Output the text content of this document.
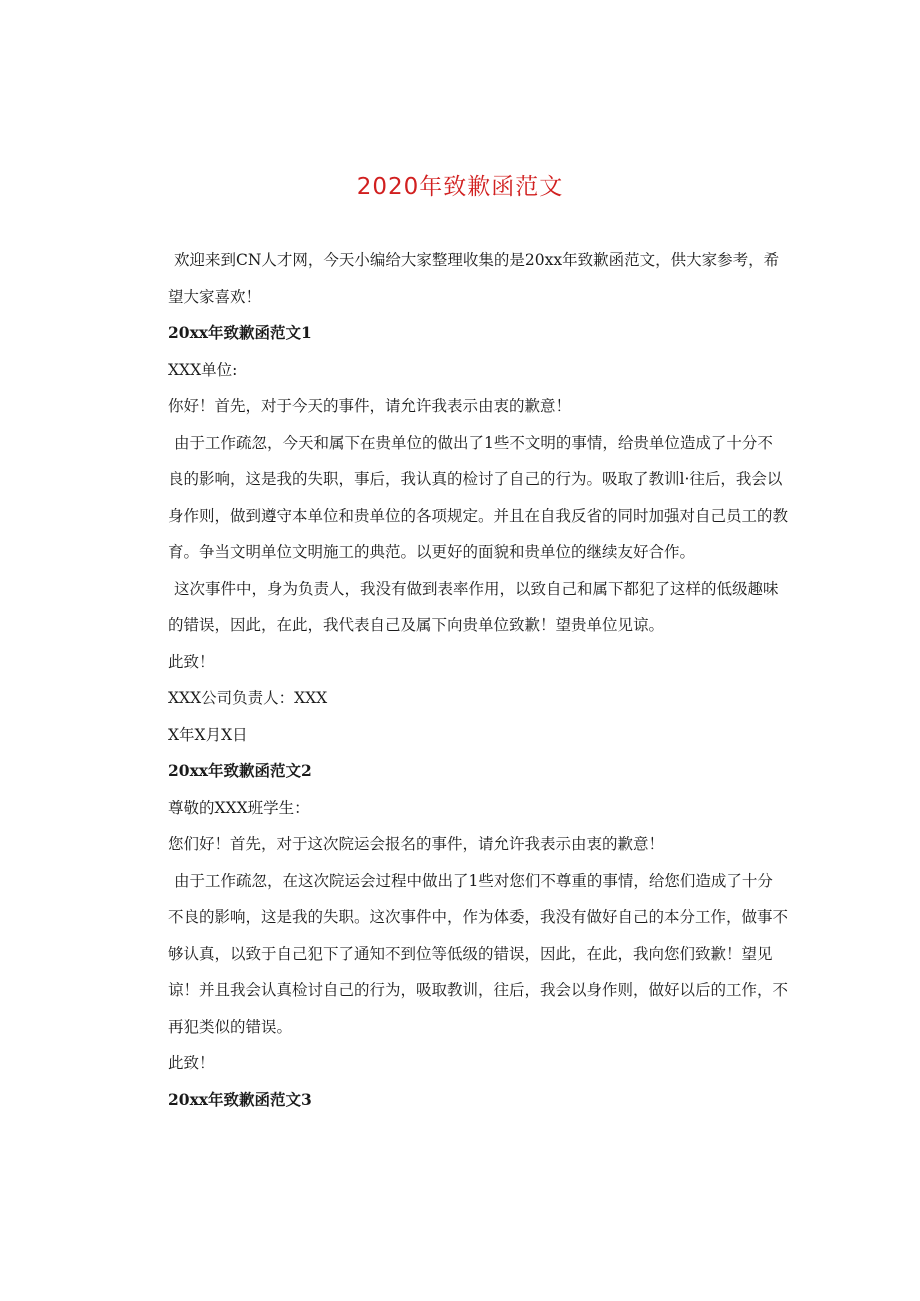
2020年致歉函范文

欢迎来到CN人才网，今天小编给大家整理收集的是20xx年致歉函范文，供大家参考，希望大家喜欢！

20xx年致歉函范文1

XXX单位:

你好！首先，对于今天的事件，请允许我表示由衷的歉意！

由于工作疏忽，今天和属下在贵单位的做出了1些不文明的事情，给贵单位造成了十分不良的影响，这是我的失职，事后，我认真的检讨了自己的行为。吸取了教训l·往后，我会以身作则，做到遵守本单位和贵单位的各项规定。并且在自我反省的同时加强对自己员工的教育。争当文明单位文明施工的典范。以更好的面貌和贵单位的继续友好合作。

这次事件中，身为负责人，我没有做到表率作用，以致自己和属下都犯了这样的低级趣味的错误，因此，在此，我代表自己及属下向贵单位致歉！望贵单位见谅。

此致！

XXX公司负责人：XXX

X年X月X日

20xx年致歉函范文2

尊敬的XXX班学生：

您们好！首先，对于这次院运会报名的事件，请允许我表示由衷的歉意！

由于工作疏忽，在这次院运会过程中做出了1些对您们不尊重的事情，给您们造成了十分不良的影响，这是我的失职。这次事件中，作为体委，我没有做好自己的本分工作，做事不够认真，以致于自己犯下了通知不到位等低级的错误，因此，在此，我向您们致歉！望见谅！并且我会认真检讨自己的行为，吸取教训，往后，我会以身作则，做好以后的工作，不再犯类似的错误。

此致！

20xx年致歉函范文3
